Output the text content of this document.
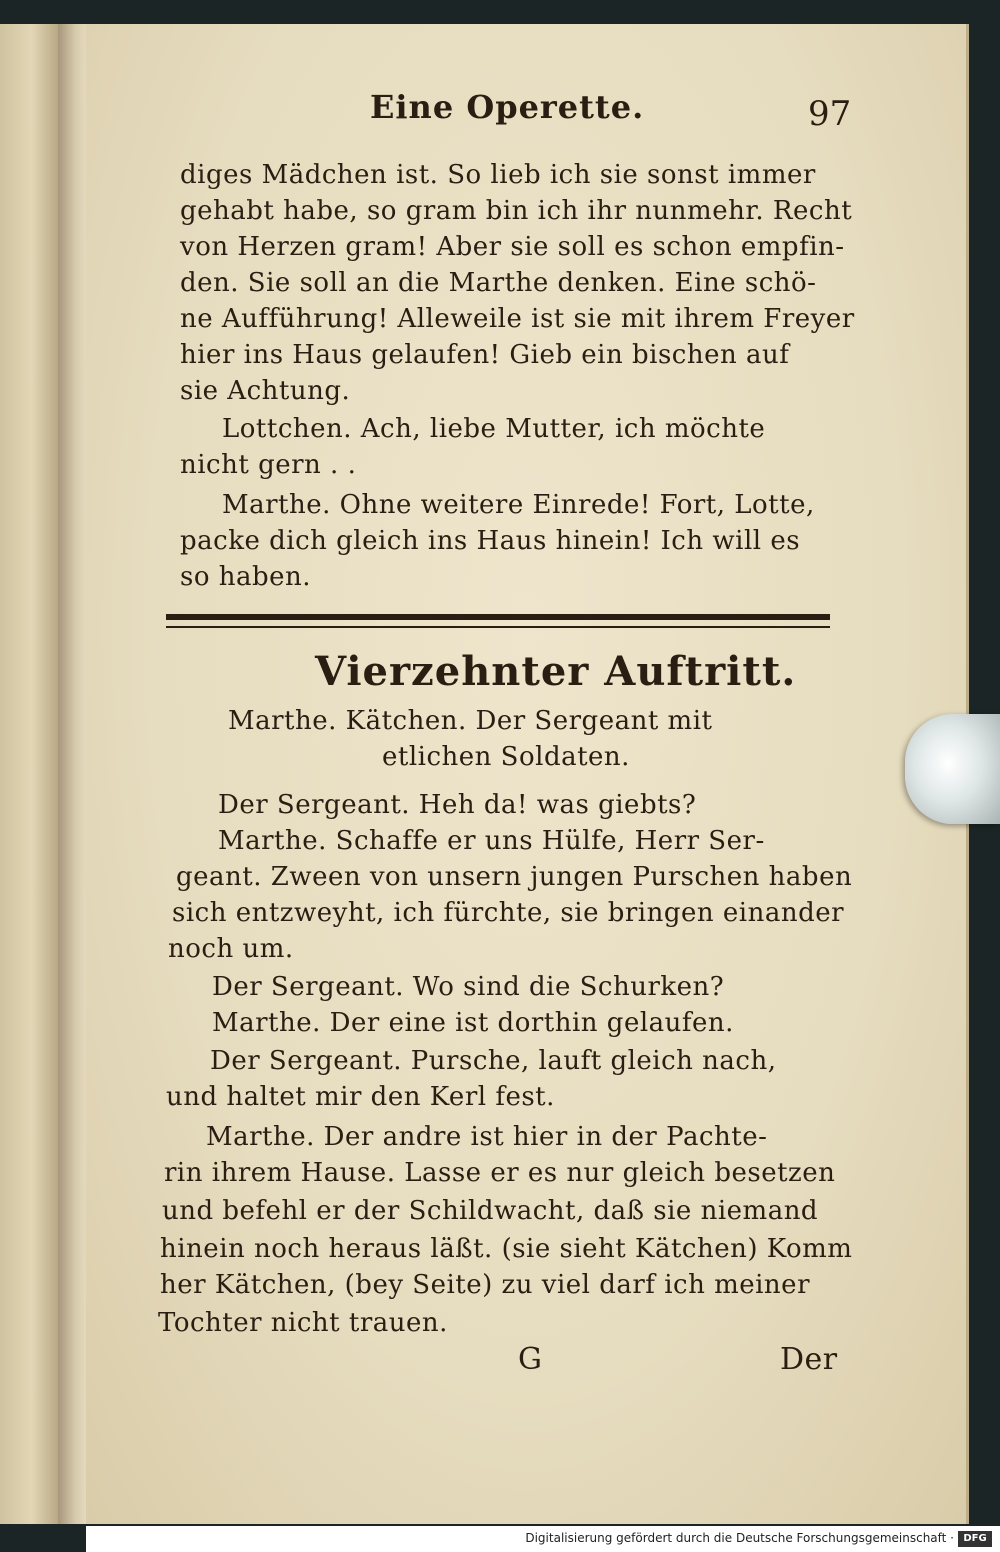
Eine Operette.	97
diges Mädchen ist. So lieb ich sie sonst immer
gehabt habe, so gram bin ich ihr nunmehr. Recht
von Herzen gram! Aber sie soll es schon empfin-
den. Sie soll an die Marthe denken. Eine schö-
ne Aufführung! Alleweile ist sie mit ihrem Freyer
hier ins Haus gelaufen! Gieb ein bischen auf
sie Achtung.
Lottchen. Ach, liebe Mutter, ich möchte
nicht gern . .
Marthe. Ohne weitere Einrede! Fort, Lotte,
packe dich gleich ins Haus hinein! Ich will es
so haben.
Vierzehnter Auftritt.
Marthe. Kätchen. Der Sergeant mit
etlichen Soldaten.
Der Sergeant. Heh da! was giebts?
Marthe. Schaffe er uns Hülfe, Herr Ser-
geant. Zween von unsern jungen Purschen haben
sich entzweyht, ich fürchte, sie bringen einander
noch um.
Der Sergeant. Wo sind die Schurken?
Marthe. Der eine ist dorthin gelaufen.
Der Sergeant. Pursche, lauft gleich nach,
und haltet mir den Kerl fest.
Marthe. Der andre ist hier in der Pachte-
rin ihrem Hause. Lasse er es nur gleich besetzen
und befehl er der Schildwacht, daß sie niemand
hinein noch heraus läßt. (sie sieht Kätchen) Komm
her Kätchen, (bey Seite) zu viel darf ich meiner
Tochter nicht trauen.
G	Der
Digitalisierung gefördert durch die Deutsche Forschungsgemeinschaft · DFG
